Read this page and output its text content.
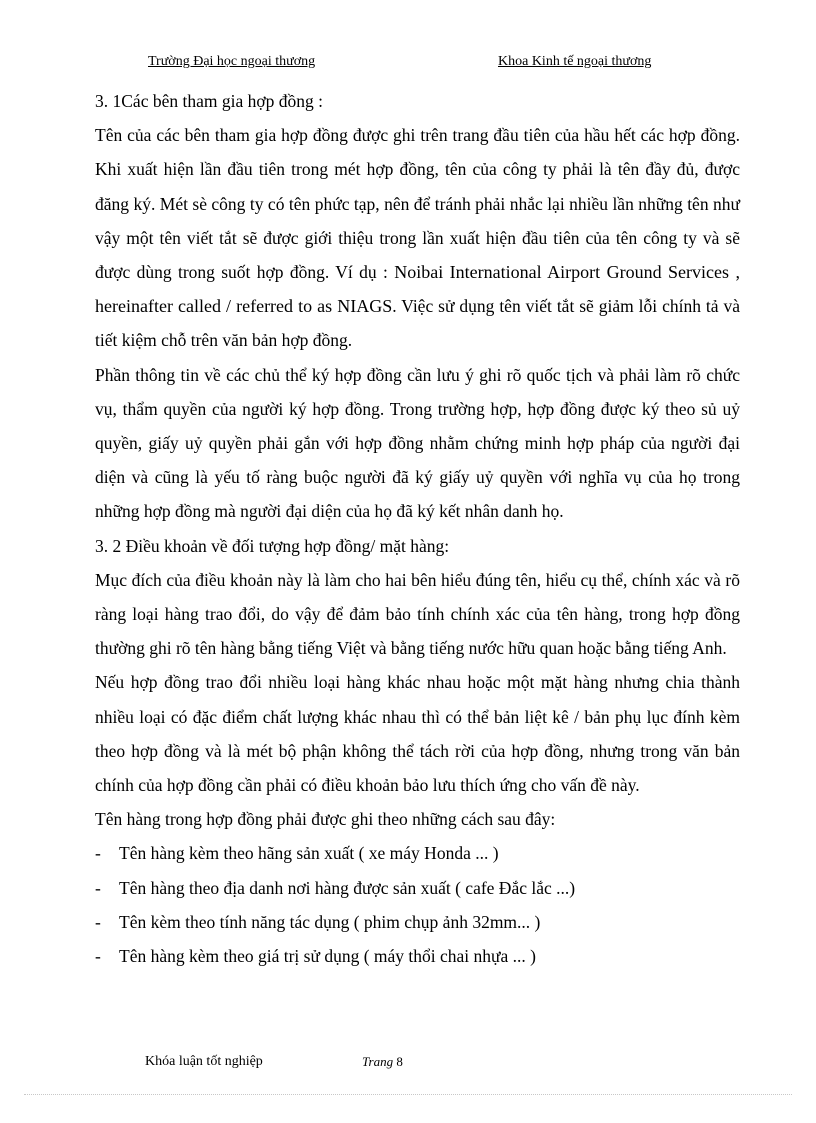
Trường Đại học ngoại thương	Khoa Kinh tế ngoại thương

3. 1Các bên tham gia hợp đồng :

Tên của các bên tham gia hợp đồng được ghi trên trang đầu tiên của hầu hết các hợp đồng. Khi xuất hiện lần đầu tiên trong mét hợp đồng, tên của công ty phải là tên đầy đủ, được đăng ký. Mét sè công ty có tên phức tạp, nên để tránh phải nhắc lại nhiều lần những tên như vậy một tên viết tắt sẽ được giới thiệu trong lần xuất hiện đầu tiên của tên công ty và sẽ được dùng trong suốt hợp đồng. Ví dụ : Noibai International Airport Ground Services , hereinafter called / referred to as NIAGS. Việc sử dụng tên viết tắt sẽ giảm lỗi chính tả và tiết kiệm chỗ trên văn bản hợp đồng.

Phần thông tin về các chủ thể ký hợp đồng cần lưu ý ghi rõ quốc tịch và phải làm rõ chức vụ, thẩm quyền của người ký hợp đồng. Trong trường hợp, hợp đồng được ký theo sủ uỷ quyền, giấy uỷ quyền phải gắn với hợp đồng nhằm chứng minh hợp pháp của người đại diện và cũng là yếu tố ràng buộc người đã ký giấy uỷ quyền với nghĩa vụ của họ trong những hợp đồng mà người đại diện của họ đã ký kết nhân danh họ.

3. 2 Điều khoản về đối tượng hợp đồng/ mặt hàng:

Mục đích của điều khoản này là làm cho hai bên hiểu đúng tên, hiểu cụ thể, chính xác và rõ ràng loại hàng trao đổi, do vậy để đảm bảo tính chính xác của tên hàng, trong hợp đồng thường ghi rõ tên hàng bằng tiếng Việt và bằng tiếng nước hữu quan hoặc bằng tiếng Anh.

Nếu hợp đồng trao đổi nhiều loại hàng khác nhau hoặc một mặt hàng nhưng chia thành nhiều loại có đặc điểm chất lượng khác nhau thì có thể bản liệt kê / bản phụ lục đính kèm theo hợp đồng và là mét bộ phận không thể tách rời của hợp đồng, nhưng trong văn bản chính của hợp đồng cần phải có điều khoản bảo lưu thích ứng cho vấn đề này.

Tên hàng trong hợp đồng phải được ghi theo những cách sau đây:

-	Tên hàng kèm theo hãng sản xuất ( xe máy Honda ... )
-	Tên hàng theo địa danh nơi hàng được sản xuất ( cafe Đắc lắc ...)
-	Tên kèm theo tính năng tác dụng ( phim chụp ảnh 32mm... )
-	Tên hàng kèm theo giá trị sử dụng ( máy thổi chai nhựa ... )
Khóa luận tốt nghiệp	Trang 8
